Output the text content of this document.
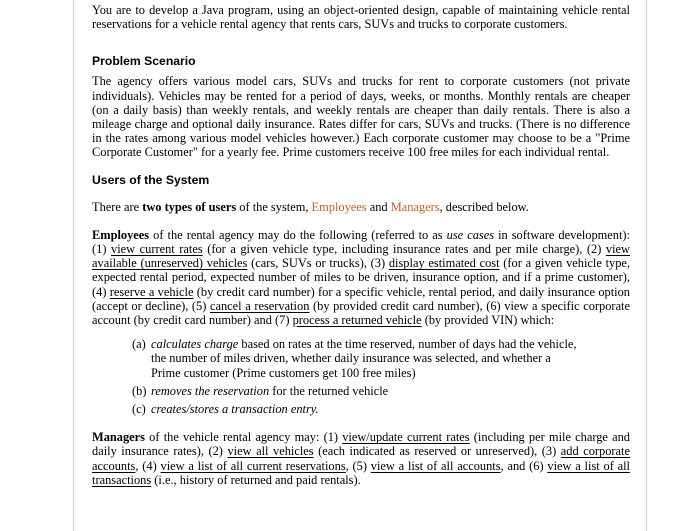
You are to develop a Java program, using an object-oriented design, capable of maintaining vehicle rental reservations for a vehicle rental agency that rents cars, SUVs and trucks to corporate customers.

Problem Scenario

The agency offers various model cars, SUVs and trucks for rent to corporate customers (not private individuals). Vehicles may be rented for a period of days, weeks, or months. Monthly rentals are cheaper (on a daily basis) than weekly rentals, and weekly rentals are cheaper than daily rentals. There is also a mileage charge and optional daily insurance. Rates differ for cars, SUVs and trucks. (There is no difference in the rates among various model vehicles however.) Each corporate customer may choose to be a "Prime Corporate Customer" for a yearly fee. Prime customers receive 100 free miles for each individual rental.

Users of the System

There are two types of users of the system, Employees and Managers, described below.

Employees of the rental agency may do the following (referred to as use cases in software development): (1) view current rates (for a given vehicle type, including insurance rates and per mile charge), (2) view available (unreserved) vehicles (cars, SUVs or trucks), (3) display estimated cost (for a given vehicle type, expected rental period, expected number of miles to be driven, insurance option, and if a prime customer), (4) reserve a vehicle (by credit card number) for a specific vehicle, rental period, and daily insurance option (accept or decline), (5) cancel a reservation (by provided credit card number), (6) view a specific corporate account (by credit card number) and (7) process a returned vehicle (by provided VIN) which:

(a) calculates charge based on rates at the time reserved, number of days had the vehicle, the number of miles driven, whether daily insurance was selected, and whether a Prime customer (Prime customers get 100 free miles)
(b) removes the reservation for the returned vehicle
(c) creates/stores a transaction entry.

Managers of the vehicle rental agency may: (1) view/update current rates (including per mile charge and daily insurance rates), (2) view all vehicles (each indicated as reserved or unreserved), (3) add corporate accounts, (4) view a list of all current reservations, (5) view a list of all accounts, and (6) view a list of all transactions (i.e., history of returned and paid rentals).
